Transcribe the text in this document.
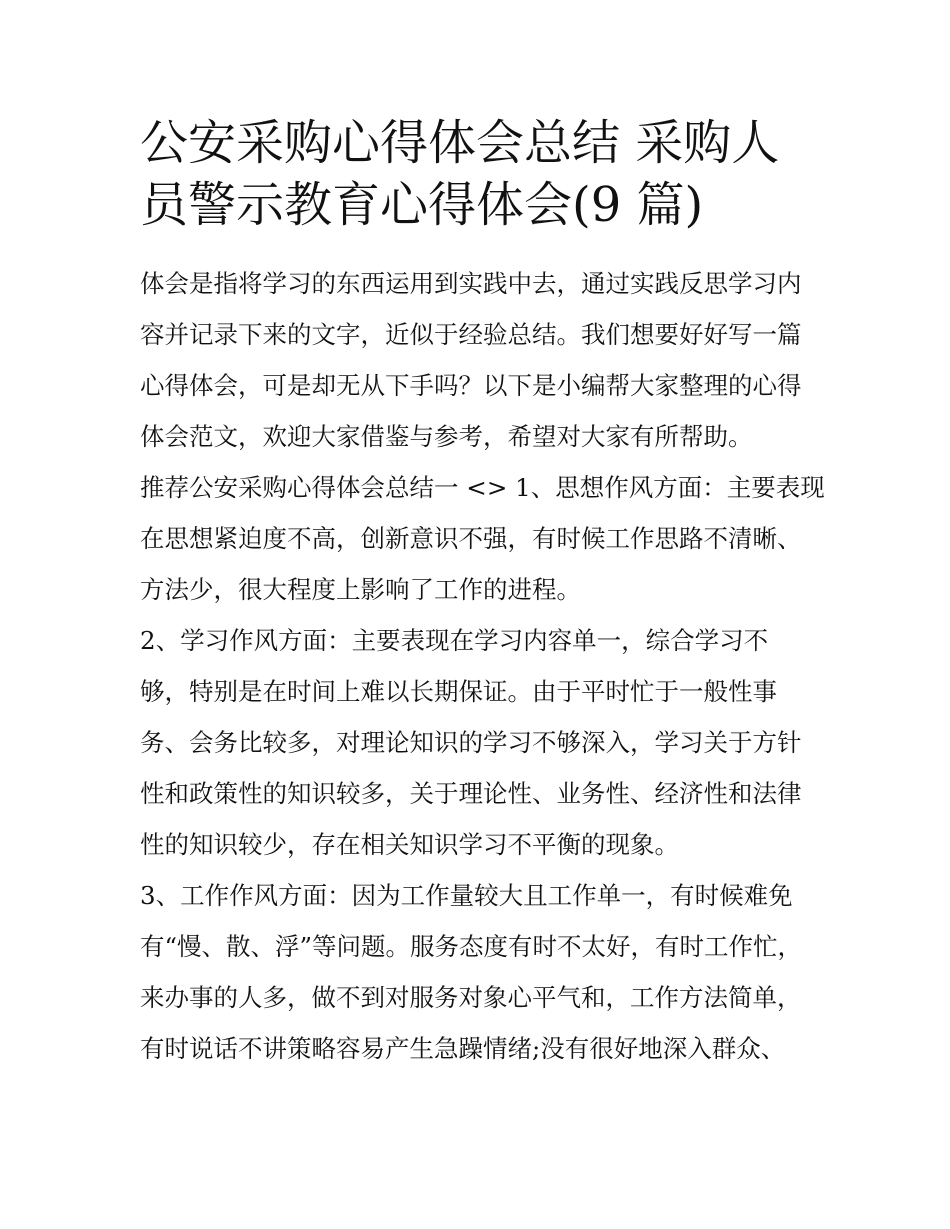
公安采购心得体会总结 采购人
员警示教育心得体会(9 篇)

体会是指将学习的东西运用到实践中去，通过实践反思学习内
容并记录下来的文字，近似于经验总结。我们想要好好写一篇
心得体会，可是却无从下手吗？以下是小编帮大家整理的心得
体会范文，欢迎大家借鉴与参考，希望对大家有所帮助。

推荐公安采购心得体会总结一 <> 1、思想作风方面：主要表现
在思想紧迫度不高，创新意识不强，有时候工作思路不清晰、
方法少，很大程度上影响了工作的进程。

2、学习作风方面：主要表现在学习内容单一，综合学习不
够，特别是在时间上难以长期保证。由于平时忙于一般性事
务、会务比较多，对理论知识的学习不够深入，学习关于方针
性和政策性的知识较多，关于理论性、业务性、经济性和法律
性的知识较少，存在相关知识学习不平衡的现象。

3、工作作风方面：因为工作量较大且工作单一，有时候难免
有“慢、散、浮”等问题。服务态度有时不太好，有时工作忙，
来办事的人多，做不到对服务对象心平气和，工作方法简单，
有时说话不讲策略容易产生急躁情绪;没有很好地深入群众、
